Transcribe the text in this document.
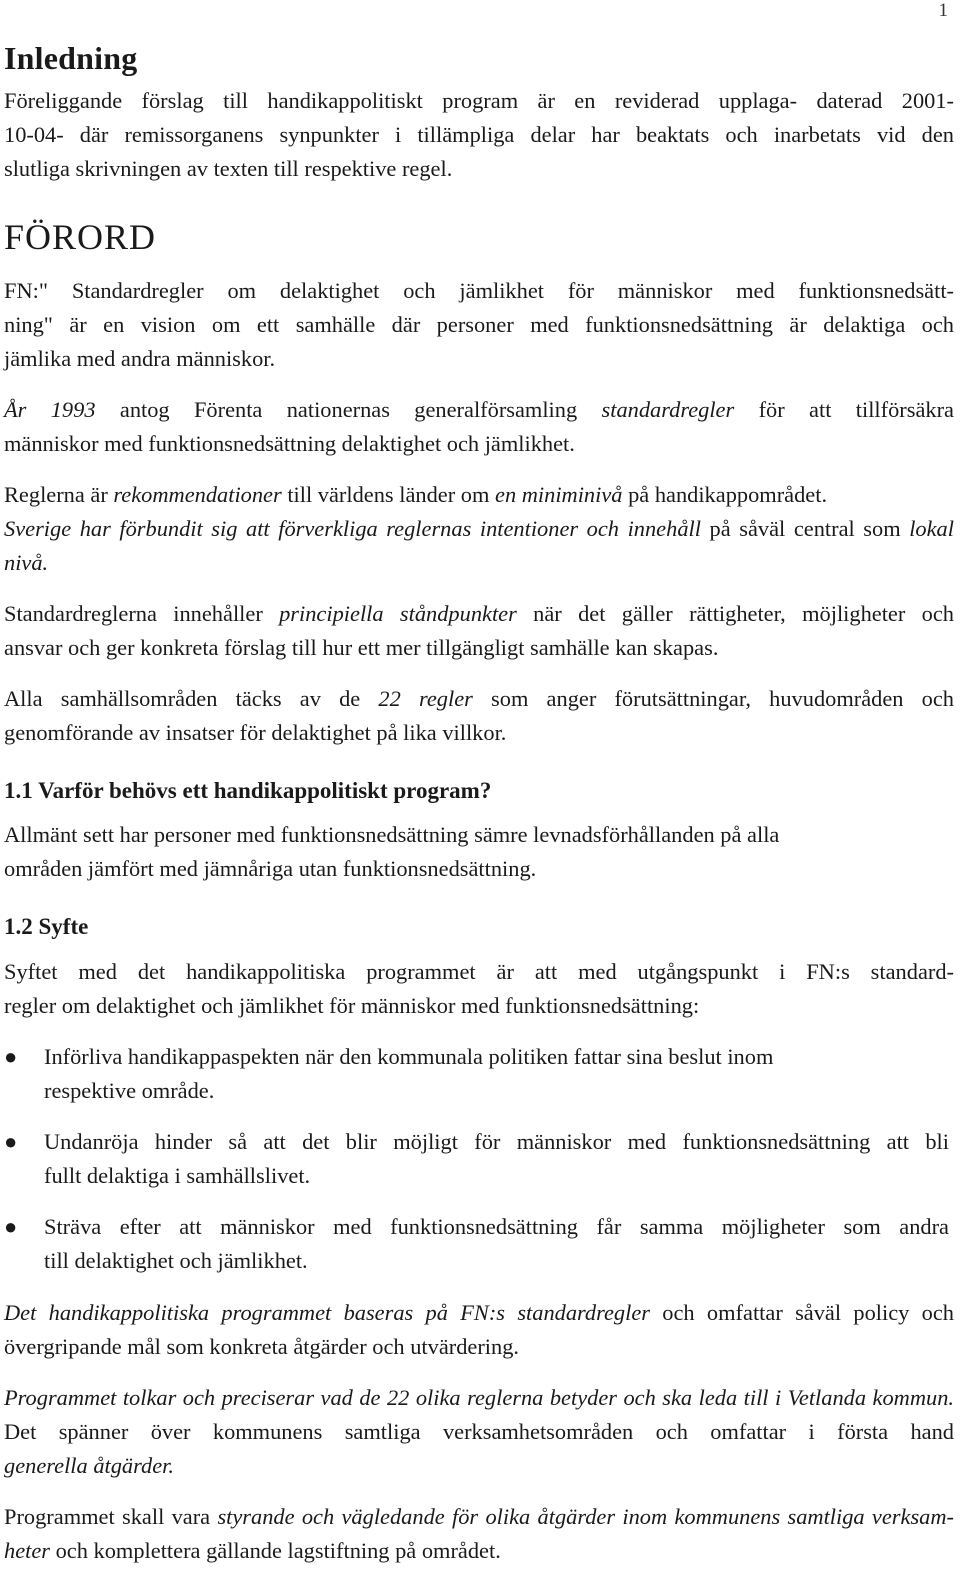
1
Inledning
Föreliggande förslag till handikappolitiskt program är en reviderad upplaga- daterad 2001-
10-04- där remissorganens synpunkter i tillämpliga delar har beaktats och inarbetats vid den
slutliga skrivningen av texten till respektive regel.
FÖRORD
FN:" Standardregler om delaktighet och jämlikhet för människor med funktionsnedsätt-
ning" är en vision om ett samhälle där personer med funktionsnedsättning är delaktiga och
jämlika med andra människor.
År 1993 antog Förenta nationernas generalförsamling standardregler för att tillförsäkra
människor med funktionsnedsättning delaktighet och jämlikhet.
Reglerna är rekommendationer till världens länder om en miniminivå på handikappområdet.
Sverige har förbundit sig att förverkliga reglernas intentioner och innehåll på såväl central som lokal
nivå.
Standardreglerna innehåller principiella ståndpunkter när det gäller rättigheter, möjligheter och
ansvar och ger konkreta förslag till hur ett mer tillgängligt samhälle kan skapas.
Alla samhällsområden täcks av de 22 regler som anger förutsättningar, huvudområden och
genomförande av insatser för delaktighet på lika villkor.
1.1 Varför behövs ett handikappolitiskt program?
Allmänt sett har personer med funktionsnedsättning sämre levnadsförhållanden på alla
områden jämfört med jämnåriga utan funktionsnedsättning.
1.2 Syfte
Syftet med det handikappolitiska programmet är att med utgångspunkt i FN:s standard-
regler om delaktighet och jämlikhet för människor med funktionsnedsättning:
●	Införliva handikappaspekten när den kommunala politiken fattar sina beslut inom
respektive område.
●	Undanröja hinder så att det blir möjligt för människor med funktionsnedsättning att bli
fullt delaktiga i samhällslivet.
●	Sträva efter att människor med funktionsnedsättning får samma möjligheter som andra
till delaktighet och jämlikhet.
Det handikappolitiska programmet baseras på FN:s standardregler och omfattar såväl policy och
övergripande mål som konkreta åtgärder och utvärdering.
Programmet tolkar och preciserar vad de 22 olika reglerna betyder och ska leda till i Vetlanda kommun.
Det spänner över kommunens samtliga verksamhetsområden och omfattar i första hand
generella åtgärder.
Programmet skall vara styrande och vägledande för olika åtgärder inom kommunens samtliga verksam-
heter och komplettera gällande lagstiftning på området.
